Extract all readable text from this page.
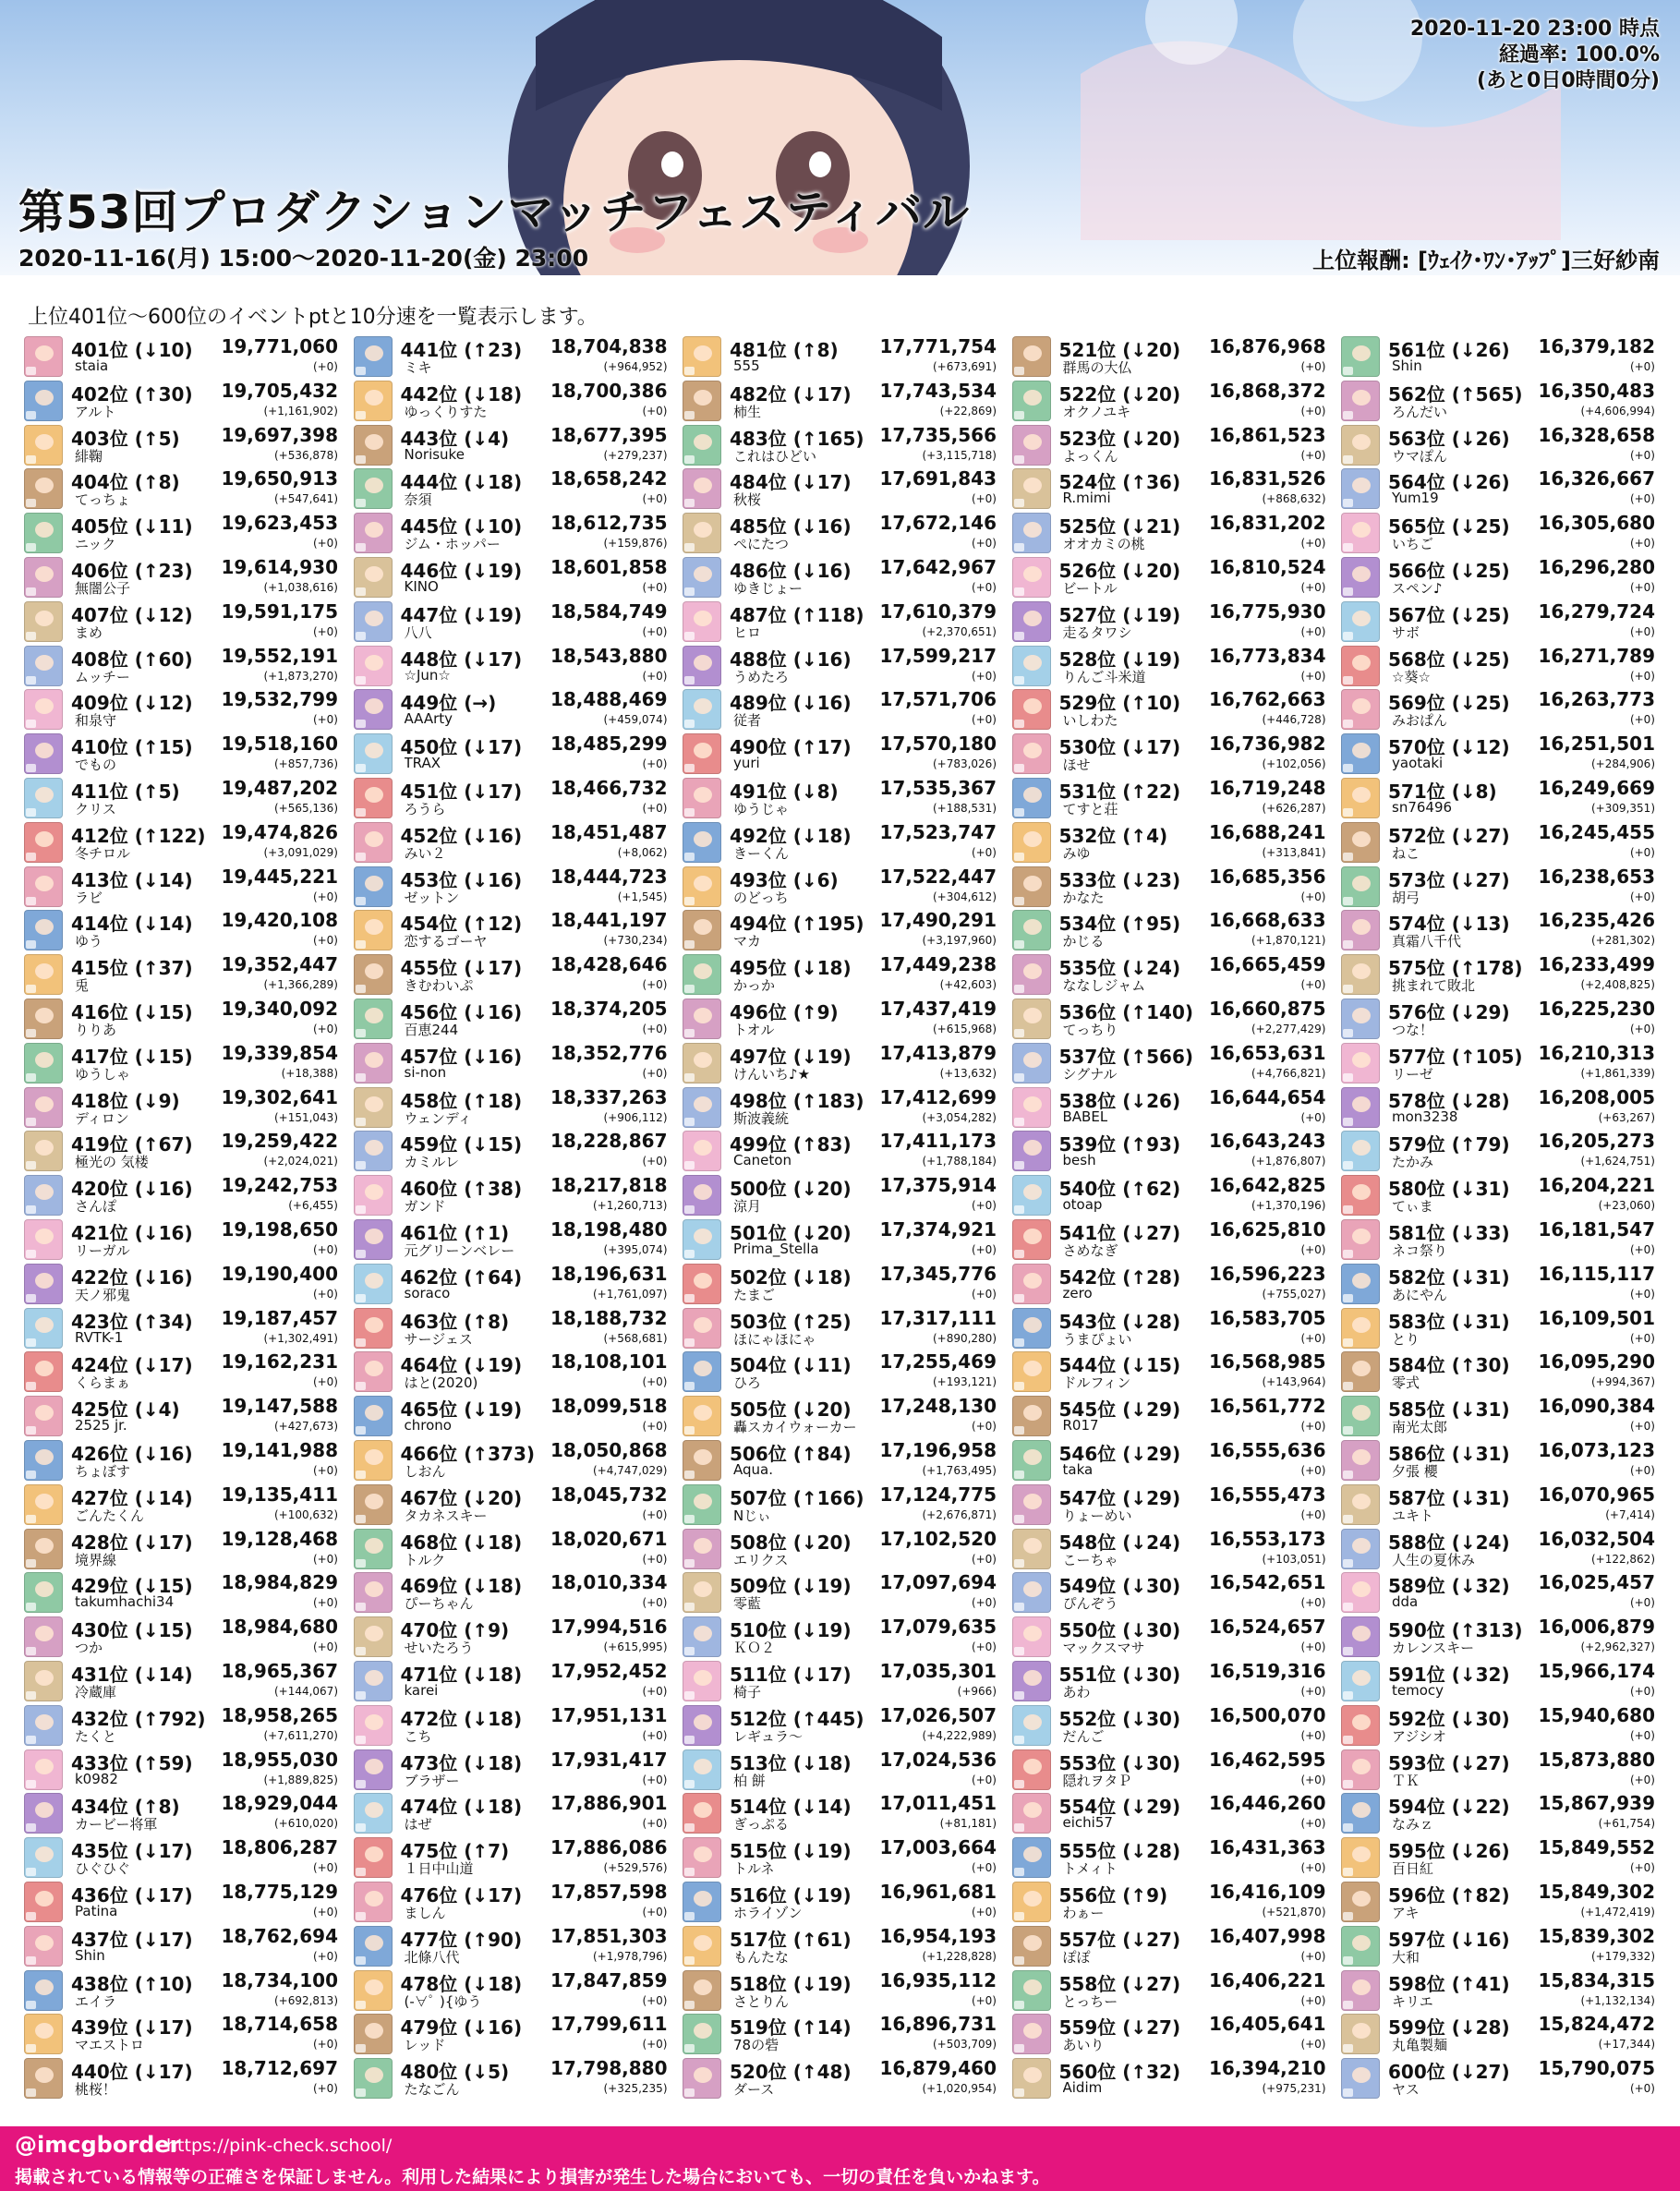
2020-11-20 23:00 時点
経過率: 100.0%
(あと0日0時間0分)
第53回プロダクションマッチフェスティバル
2020-11-16(月) 15:00～2020-11-20(金) 23:00	上位報酬: [ｳｪｲｸ･ﾜﾝ･ｱｯﾌﾟ]三好紗南
上位401位～600位のイベントptと10分速を一覧表示します。
401位 (↓10) 19,771,060
staia	(+0)
402位 (↑30) 19,705,432
アルト	(+1,161,902)
403位 (↑5) 19,697,398
緋鞠	(+536,878)
404位 (↑8) 19,650,913
てっちょ	(+547,641)
405位 (↓11) 19,623,453
ニック	(+0)
406位 (↑23) 19,614,930
無闇公子	(+1,038,616)
407位 (↓12) 19,591,175
まめ	(+0)
408位 (↑60) 19,552,191
ムッチー	(+1,873,270)
409位 (↓12) 19,532,799
和泉守	(+0)
410位 (↑15) 19,518,160
でもの	(+857,736)
411位 (↑5) 19,487,202
クリス	(+565,136)
412位 (↑122) 19,474,826
冬チロル	(+3,091,029)
413位 (↓14) 19,445,221
ラビ	(+0)
414位 (↓14) 19,420,108
ゆう	(+0)
415位 (↑37) 19,352,447
兎	(+1,366,289)
416位 (↓15) 19,340,092
りりあ	(+0)
417位 (↓15) 19,339,854
ゆうしゃ	(+18,388)
418位 (↓9) 19,302,641
ディロン	(+151,043)
419位 (↑67) 19,259,422
極光の 気楼	(+2,024,021)
420位 (↓16) 19,242,753
さんぽ	(+6,455)
421位 (↓16) 19,198,650
リーガル	(+0)
422位 (↓16) 19,190,400
天ノ邪鬼	(+0)
423位 (↑34) 19,187,457
RVTK-1	(+1,302,491)
424位 (↓17) 19,162,231
くらまぁ	(+0)
425位 (↓4) 19,147,588
2525 jr.	(+427,673)
426位 (↓16) 19,141,988
ちょぼす	(+0)
427位 (↓14) 19,135,411
ごんたくん	(+100,632)
428位 (↓17) 19,128,468
境界線	(+0)
429位 (↓15) 18,984,829
takumhachi34	(+0)
430位 (↓15) 18,984,680
つか	(+0)
431位 (↓14) 18,965,367
冷蔵庫	(+144,067)
432位 (↑792) 18,958,265
たくと	(+7,611,270)
433位 (↑59) 18,955,030
k0982	(+1,889,825)
434位 (↑8) 18,929,044
カービー将軍	(+610,020)
435位 (↓17) 18,806,287
ひぐひぐ	(+0)
436位 (↓17) 18,775,129
Patina	(+0)
437位 (↓17) 18,762,694
Shin	(+0)
438位 (↑10) 18,734,100
エイラ	(+692,813)
439位 (↓17) 18,714,658
マエストロ	(+0)
440位 (↓17) 18,712,697
桃桜！	(+0)
441位 (↑23) 18,704,838
ミキ	(+964,952)
442位 (↓18) 18,700,386
ゆっくりすた	(+0)
443位 (↓4) 18,677,395
Norisuke	(+279,237)
444位 (↓18) 18,658,242
奈須	(+0)
445位 (↓10) 18,612,735
ジム・ホッパー	(+159,876)
446位 (↓19) 18,601,858
KINO	(+0)
447位 (↓19) 18,584,749
八八	(+0)
448位 (↓17) 18,543,880
☆Jun☆	(+0)
449位 (→)	18,488,469
AAArty	(+459,074)
450位 (↓17) 18,485,299
TRAX	(+0)
451位 (↓17) 18,466,732
ろうら	(+0)
452位 (↓16) 18,451,487
みい２	(+8,062)
453位 (↓16) 18,444,723
ゼットン	(+1,545)
454位 (↑12) 18,441,197
恋するゴーヤ	(+730,234)
455位 (↓17) 18,428,646
きむわいぷ	(+0)
456位 (↓16) 18,374,205
百恵244	(+0)
457位 (↓16) 18,352,776
si-non	(+0)
458位 (↑18) 18,337,263
ウェンディ	(+906,112)
459位 (↓15) 18,228,867
カミルレ	(+0)
460位 (↑38) 18,217,818
ガンド	(+1,260,713)
461位 (↑1) 18,198,480
元グリーンベレー	(+395,074)
462位 (↑64) 18,196,631
soraco	(+1,761,097)
463位 (↑8) 18,188,732
サージェス	(+568,681)
464位 (↓19) 18,108,101
はと(2020)	(+0)
465位 (↓19) 18,099,518
chrono	(+0)
466位 (↑373) 18,050,868
しおん	(+4,747,029)
467位 (↓20) 18,045,732
タカネスキー	(+0)
468位 (↓18) 18,020,671
トルク	(+0)
469位 (↓18) 18,010,334
ぴーちゃん	(+0)
470位 (↑9) 17,994,516
せいたろう	(+615,995)
471位 (↓18) 17,952,452
karei	(+0)
472位 (↓18) 17,951,131
こち	(+0)
473位 (↓18) 17,931,417
ブラザー	(+0)
474位 (↓18) 17,886,901
はぜ	(+0)
475位 (↑7) 17,886,086
１日中山道	(+529,576)
476位 (↓17) 17,857,598
ましん	(+0)
477位 (↑90) 17,851,303
北條八代	(+1,978,796)
478位 (↓18) 17,847,859
(-∀ﾟ ){ゆう	(+0)
479位 (↓16) 17,799,611
レッド	(+0)
480位 (↓5) 17,798,880
たなごん	(+325,235)
481位 (↑8) 17,771,754
555	(+673,691)
482位 (↓17) 17,743,534
柿生	(+22,869)
483位 (↑165) 17,735,566
これはひどい	(+3,115,718)
484位 (↓17) 17,691,843
秋桜	(+0)
485位 (↓16) 17,672,146
ぺにたつ	(+0)
486位 (↓16) 17,642,967
ゆきじょー	(+0)
487位 (↑118) 17,610,379
ヒロ	(+2,370,651)
488位 (↓16) 17,599,217
うめたろ	(+0)
489位 (↓16) 17,571,706
従者	(+0)
490位 (↑17) 17,570,180
yuri	(+783,026)
491位 (↓8) 17,535,367
ゆうじゃ	(+188,531)
492位 (↓18) 17,523,747
きーくん	(+0)
493位 (↓6) 17,522,447
のどっち	(+304,612)
494位 (↑195) 17,490,291
マカ	(+3,197,960)
495位 (↓18) 17,449,238
かっか	(+42,603)
496位 (↑9) 17,437,419
トオル	(+615,968)
497位 (↓19) 17,413,879
けんいち♪★	(+13,632)
498位 (↑183) 17,412,699
斯波義統	(+3,054,282)
499位 (↑83) 17,411,173
Caneton	(+1,788,184)
500位 (↓20) 17,375,914
涼月	(+0)
501位 (↓20) 17,374,921
Prima_Stella	(+0)
502位 (↓18) 17,345,776
たまご	(+0)
503位 (↑25) 17,317,111
ほにゃほにゃ	(+890,280)
504位 (↓11) 17,255,469
ひろ	(+193,121)
505位 (↓20) 17,248,130
轟スカイウォーカー	(+0)
506位 (↑84) 17,196,958
Aqua.	(+1,763,495)
507位 (↑166) 17,124,775
Nじぃ	(+2,676,871)
508位 (↓20) 17,102,520
エリクス	(+0)
509位 (↓19) 17,097,694
零藍	(+0)
510位 (↓19) 17,079,635
ＫＯ２	(+0)
511位 (↓17) 17,035,301
椅子	(+966)
512位 (↑445) 17,026,507
レギュラ～	(+4,222,989)
513位 (↓18) 17,024,536
柏 餅	(+0)
514位 (↓14) 17,011,451
ぎっぷる	(+81,181)
515位 (↓19) 17,003,664
トルネ	(+0)
516位 (↓19) 16,961,681
ホライゾン	(+0)
517位 (↑61) 16,954,193
もんたな	(+1,228,828)
518位 (↓19) 16,935,112
さとりん	(+0)
519位 (↑14) 16,896,731
78の砦	(+503,709)
520位 (↑48) 16,879,460
ダース	(+1,020,954)
521位 (↓20) 16,876,968
群馬の大仏	(+0)
522位 (↓20) 16,868,372
オクノユキ	(+0)
523位 (↓20) 16,861,523
よっくん	(+0)
524位 (↑36) 16,831,526
R.mimi	(+868,632)
525位 (↓21) 16,831,202
オオカミの桃	(+0)
526位 (↓20) 16,810,524
ビートル	(+0)
527位 (↓19) 16,775,930
走るタワシ	(+0)
528位 (↓19) 16,773,834
りんご斗米道	(+0)
529位 (↑10) 16,762,663
いしわた	(+446,728)
530位 (↓17) 16,736,982
ほせ	(+102,056)
531位 (↑22) 16,719,248
てすと荘	(+626,287)
532位 (↑4) 16,688,241
みゆ	(+313,841)
533位 (↓23) 16,685,356
かなた	(+0)
534位 (↑95) 16,668,633
かじる	(+1,870,121)
535位 (↓24) 16,665,459
ななしジャム	(+0)
536位 (↑140) 16,660,875
てっちり	(+2,277,429)
537位 (↑566) 16,653,631
シグナル	(+4,766,821)
538位 (↓26) 16,644,654
BABEL	(+0)
539位 (↑93) 16,643,243
besh	(+1,876,807)
540位 (↑62) 16,642,825
otoap	(+1,370,196)
541位 (↓27) 16,625,810
さめなぎ	(+0)
542位 (↑28) 16,596,223
zero	(+755,027)
543位 (↓28) 16,583,705
うまぴょい	(+0)
544位 (↓15) 16,568,985
ドルフィン	(+143,964)
545位 (↓29) 16,561,772
R017	(+0)
546位 (↓29) 16,555,636
taka	(+0)
547位 (↓29) 16,555,473
りょーめい	(+0)
548位 (↓24) 16,553,173
こーちゃ	(+103,051)
549位 (↓30) 16,542,651
ぴんぞう	(+0)
550位 (↓30) 16,524,657
マックスマサ	(+0)
551位 (↓30) 16,519,316
あわ	(+0)
552位 (↓30) 16,500,070
だんご	(+0)
553位 (↓30) 16,462,595
隠れヲタＰ	(+0)
554位 (↓29) 16,446,260
eichi57	(+0)
555位 (↓28) 16,431,363
トメィト	(+0)
556位 (↑9) 16,416,109
わぁー	(+521,870)
557位 (↓27) 16,407,998
ぽぽ	(+0)
558位 (↓27) 16,406,221
とっちー	(+0)
559位 (↓27) 16,405,641
あいり	(+0)
560位 (↑32) 16,394,210
Aidim	(+975,231)
561位 (↓26) 16,379,182
Shin	(+0)
562位 (↑565) 16,350,483
ろんだい	(+4,606,994)
563位 (↓26) 16,328,658
ウマぽん	(+0)
564位 (↓26) 16,326,667
Yum19	(+0)
565位 (↓25) 16,305,680
いちご	(+0)
566位 (↓25) 16,296,280
スペン♪	(+0)
567位 (↓25) 16,279,724
サボ	(+0)
568位 (↓25) 16,271,789
☆葵☆	(+0)
569位 (↓25) 16,263,773
みおぱん	(+0)
570位 (↓12) 16,251,501
yaotaki	(+284,906)
571位 (↓8) 16,249,669
sn76496	(+309,351)
572位 (↓27) 16,245,455
ねこ	(+0)
573位 (↓27) 16,238,653
胡弓	(+0)
574位 (↓13) 16,235,426
真霜八千代	(+281,302)
575位 (↑178) 16,233,499
挑まれて敗北	(+2,408,825)
576位 (↓29) 16,225,230
つな！	(+0)
577位 (↑105) 16,210,313
リーゼ	(+1,861,339)
578位 (↓28) 16,208,005
mon3238	(+63,267)
579位 (↑79) 16,205,273
たかみ	(+1,624,751)
580位 (↓31) 16,204,221
てぃま	(+23,060)
581位 (↓33) 16,181,547
ネコ祭り	(+0)
582位 (↓31) 16,115,117
あにやん	(+0)
583位 (↓31) 16,109,501
とり	(+0)
584位 (↑30) 16,095,290
零式	(+994,367)
585位 (↓31) 16,090,384
南光太郎	(+0)
586位 (↓31) 16,073,123
夕張 櫻	(+0)
587位 (↓31) 16,070,965
ユキト	(+7,414)
588位 (↓24) 16,032,504
人生の夏休み	(+122,862)
589位 (↓32) 16,025,457
dda	(+0)
590位 (↑313) 16,006,879
カレンスキー	(+2,962,327)
591位 (↓32) 15,966,174
temocy	(+0)
592位 (↓30) 15,940,680
アジシオ	(+0)
593位 (↓27) 15,873,880
ＴＫ	(+0)
594位 (↓22) 15,867,939
なみｚ	(+61,754)
595位 (↓26) 15,849,552
百日紅	(+0)
596位 (↑82) 15,849,302
アキ	(+1,472,419)
597位 (↓16) 15,839,302
大和	(+179,332)
598位 (↑41) 15,834,315
キリエ	(+1,132,134)
599位 (↓28) 15,824,472
丸亀製麺	(+17,344)
600位 (↓27) 15,790,075
ヤス	(+0)
@imcgborder
https://pink-check.school/
掲載されている情報等の正確さを保証しません。利用した結果により損害が発生した場合においても、一切の責任を負いかねます。
